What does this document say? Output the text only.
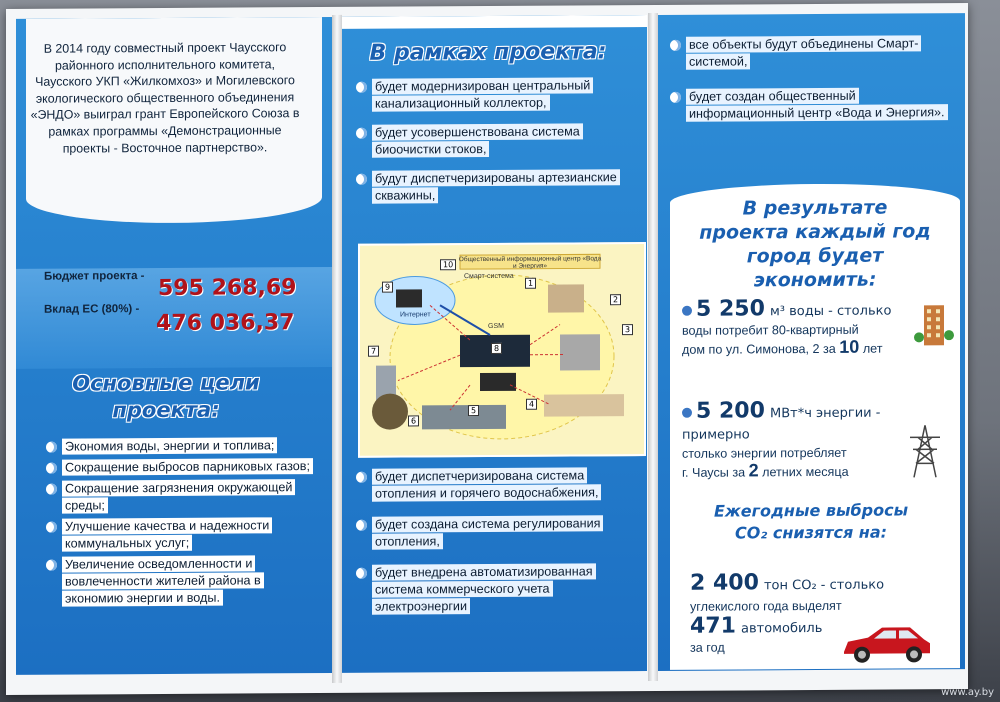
В 2014 году совместный проект Чаусского районного исполнительного комитета, Чаусского УКП «Жилкомхоз» и Могилевского экологического общественного объединения «ЭНДО» выиграл грант Европейского Союза в рамках программы «Демонстрационные проекты - Восточное партнерство».
Бюджет проекта - 595 268,69
Вклад ЕС (80%) -
476 036,37
Основные цели
проекта:
Экономия воды, энергии и топлива;
Сокращение выбросов парниковых газов;
Сокращение загрязнения окружающей среды;
Улучшение качества и надежности коммунальных услуг;
Увеличение осведомленности и вовлеченности жителей района в экономию энергии и воды.
В рамках проекта:
будет модернизирован центральный канализационный коллектор,
будет усовершенствована система биоочистки стоков,
будут диспетчеризированы артезианские скважины,
Общественный информационный центр «Вода и Энергия»
Смарт-система
Интернет
GSM
9
10
1
2
3
4
5
6
7	8
будет диспетчеризирована система отопления и горячего водоснабжения,
будет создана система регулирования отопления,
будет внедрена автоматизированная система коммерческого учета электроэнергии
все объекты будут объединены Смарт-системой,
будет создан общественный информационный центр «Вода и Энергия».
В результате
проекта каждый год
город будет экономить:
5 250 м³ воды - столько
воды потребит 80-квартирный
дом по ул. Симонова, 2 за 10 лет
5 200 МВт*ч энергии - примерно
столько энергии потребляет
г. Чаусы за 2 летних месяца
Ежегодные выбросы
CO₂ снизятся на:
2 400 тон CO₂ - столько
углекислого года выделят
471 автомобиль
за год
www.ay.by
